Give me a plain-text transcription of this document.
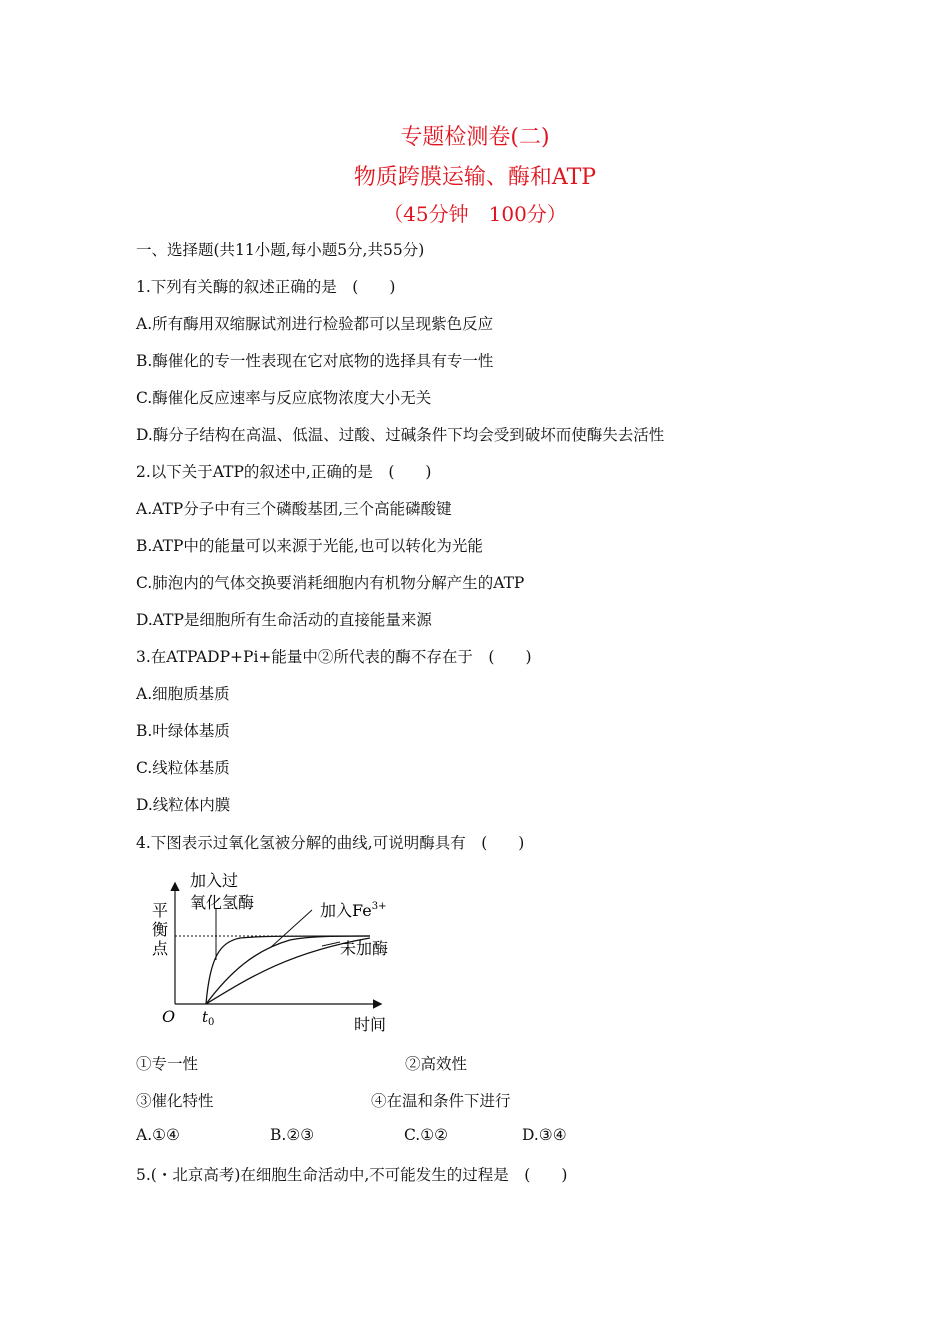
专题检测卷(二)
物质跨膜运输、酶和ATP
（45分钟　100分）
一、选择题(共11小题,每小题5分,共55分)
1.下列有关酶的叙述正确的是　(　　)
A.所有酶用双缩脲试剂进行检验都可以呈现紫色反应
B.酶催化的专一性表现在它对底物的选择具有专一性
C.酶催化反应速率与反应底物浓度大小无关
D.酶分子结构在高温、低温、过酸、过碱条件下均会受到破坏而使酶失去活性
2.以下关于ATP的叙述中,正确的是　(　　)
A.ATP分子中有三个磷酸基团,三个高能磷酸键
B.ATP中的能量可以来源于光能,也可以转化为光能
C.肺泡内的气体交换要消耗细胞内有机物分解产生的ATP
D.ATP是细胞所有生命活动的直接能量来源
3.在ATPADP+Pi+能量中②所代表的酶不存在于　(　　)
A.细胞质基质
B.叶绿体基质
C.线粒体基质
D.线粒体内膜
4.下图表示过氧化氢被分解的曲线,可说明酶具有　(　　)
加入过
氧化氢酶	加入$Fe^{3+}$
未加酶
平
衡
点
O $t_0$	时间
①专一性	②高效性
③催化特性	④在温和条件下进行
A.①④	B.②③	C.①②	D.③④
5.(・北京高考)在细胞生命活动中,不可能发生的过程是　(　　)
